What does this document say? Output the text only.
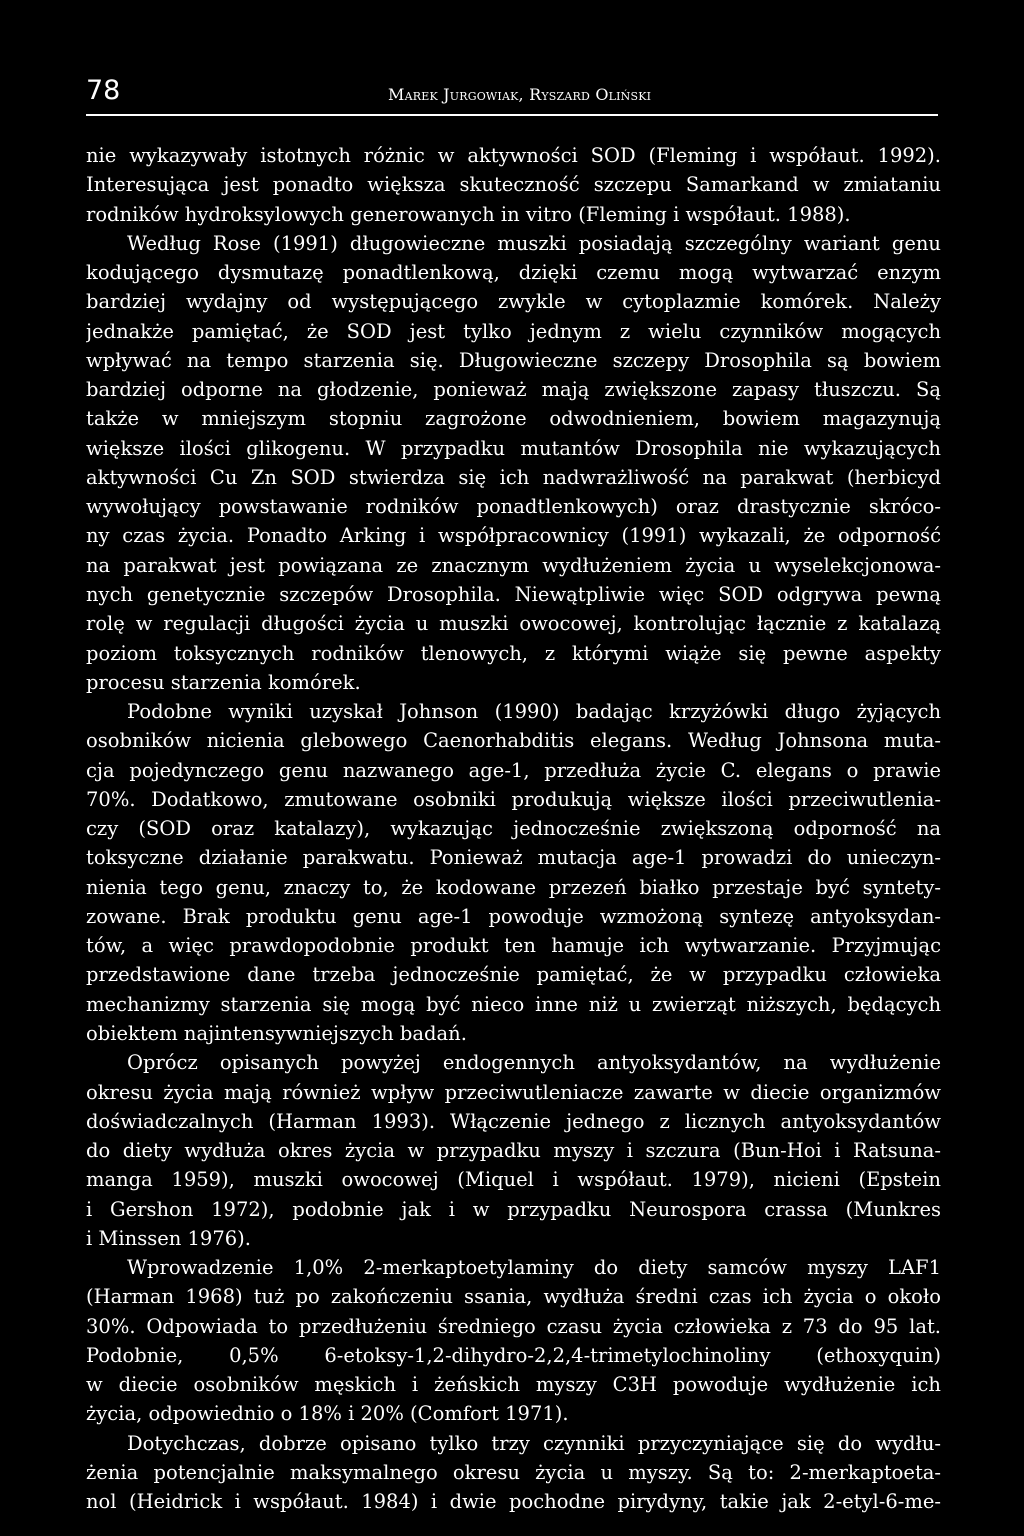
78	Marek Jurgowiak, Ryszard Oliński
nie wykazywały istotnych różnic w aktywności SOD (Fleming i współaut. 1992).
Interesująca jest ponadto większa skuteczność szczepu Samarkand w zmiataniu
rodników hydroksylowych generowanych in vitro (Fleming i współaut. 1988).
Według Rose (1991) długowieczne muszki posiadają szczególny wariant genu
kodującego dysmutazę ponadtlenkową, dzięki czemu mogą wytwarzać enzym
bardziej wydajny od występującego zwykle w cytoplazmie komórek. Należy
jednakże pamiętać, że SOD jest tylko jednym z wielu czynników mogących
wpływać na tempo starzenia się. Długowieczne szczepy Drosophila są bowiem
bardziej odporne na głodzenie, ponieważ mają zwiększone zapasy tłuszczu. Są
także w mniejszym stopniu zagrożone odwodnieniem, bowiem magazynują
większe ilości glikogenu. W przypadku mutantów Drosophila nie wykazujących
aktywności Cu Zn SOD stwierdza się ich nadwrażliwość na parakwat (herbicyd
wywołujący powstawanie rodników ponadtlenkowych) oraz drastycznie skróco-
ny czas życia. Ponadto Arking i współpracownicy (1991) wykazali, że odporność
na parakwat jest powiązana ze znacznym wydłużeniem życia u wyselekcjonowa-
nych genetycznie szczepów Drosophila. Niewątpliwie więc SOD odgrywa pewną
rolę w regulacji długości życia u muszki owocowej, kontrolując łącznie z katalazą
poziom toksycznych rodników tlenowych, z którymi wiąże się pewne aspekty
procesu starzenia komórek.
Podobne wyniki uzyskał Johnson (1990) badając krzyżówki długo żyjących
osobników nicienia glebowego Caenorhabditis elegans. Według Johnsona muta-
cja pojedynczego genu nazwanego age-1, przedłuża życie C. elegans o prawie
70%. Dodatkowo, zmutowane osobniki produkują większe ilości przeciwutlenia-
czy (SOD oraz katalazy), wykazując jednocześnie zwiększoną odporność na
toksyczne działanie parakwatu. Ponieważ mutacja age-1 prowadzi do unieczyn-
nienia tego genu, znaczy to, że kodowane przezeń białko przestaje być syntety-
zowane. Brak produktu genu age-1 powoduje wzmożoną syntezę antyoksydan-
tów, a więc prawdopodobnie produkt ten hamuje ich wytwarzanie. Przyjmując
przedstawione dane trzeba jednocześnie pamiętać, że w przypadku człowieka
mechanizmy starzenia się mogą być nieco inne niż u zwierząt niższych, będących
obiektem najintensywniejszych badań.
Oprócz opisanych powyżej endogennych antyoksydantów, na wydłużenie
okresu życia mają również wpływ przeciwutleniacze zawarte w diecie organizmów
doświadczalnych (Harman 1993). Włączenie jednego z licznych antyoksydantów
do diety wydłuża okres życia w przypadku myszy i szczura (Bun-Hoi i Ratsuna-
manga 1959), muszki owocowej (Miquel i współaut. 1979), nicieni (Epstein
i Gershon 1972), podobnie jak i w przypadku Neurospora crassa (Munkres
i Minssen 1976).
Wprowadzenie 1,0% 2-merkaptoetylaminy do diety samców myszy LAF1
(Harman 1968) tuż po zakończeniu ssania, wydłuża średni czas ich życia o około
30%. Odpowiada to przedłużeniu średniego czasu życia człowieka z 73 do 95 lat.
Podobnie, 0,5% 6-etoksy-1,2-dihydro-2,2,4-trimetylochinoliny (ethoxyquin)
w diecie osobników męskich i żeńskich myszy C3H powoduje wydłużenie ich
życia, odpowiednio o 18% i 20% (Comfort 1971).
Dotychczas, dobrze opisano tylko trzy czynniki przyczyniające się do wydłu-
żenia potencjalnie maksymalnego okresu życia u myszy. Są to: 2-merkaptoeta-
nol (Heidrick i współaut. 1984) i dwie pochodne pirydyny, takie jak 2-etyl-6-me-
